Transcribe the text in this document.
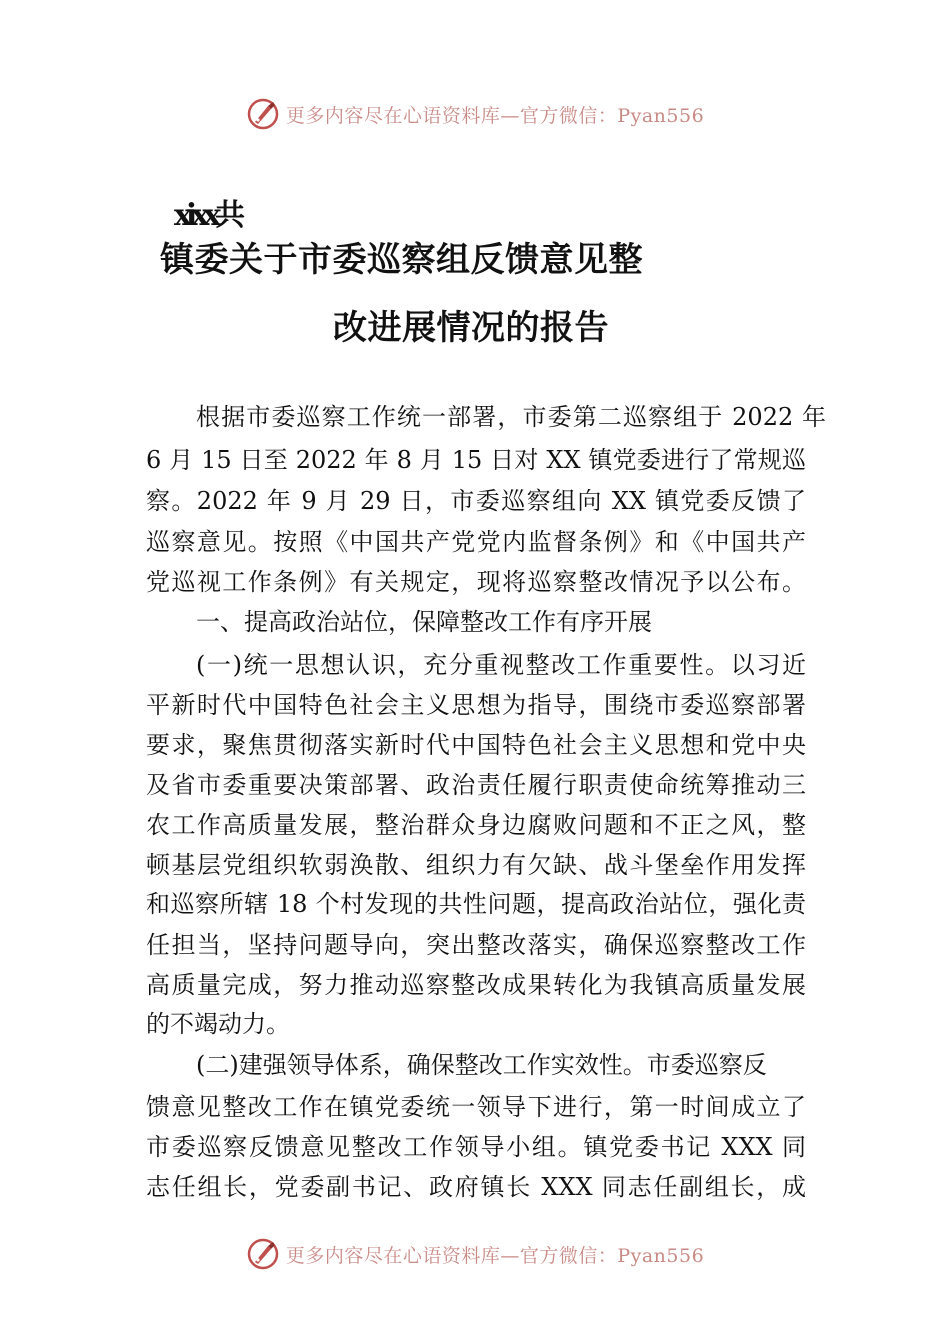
更多内容尽在心语资料库—官方微信：Pyan556
xixx共
镇委关于市委巡察组反馈意见整
改进展情况的报告
根据市委巡察工作统一部署，市委第二巡察组于 2022 年
6 月 15 日至 2022 年 8 月 15 日对 XX 镇党委进行了常规巡
察。2022 年 9 月 29 日，市委巡察组向 XX 镇党委反馈了
巡察意见。按照《中国共产党党内监督条例》和《中国共产
党巡视工作条例》有关规定，现将巡察整改情况予以公布。
一、提高政治站位，保障整改工作有序开展
(一)统一思想认识，充分重视整改工作重要性。以习近
平新时代中国特色社会主义思想为指导，围绕市委巡察部署
要求，聚焦贯彻落实新时代中国特色社会主义思想和党中央
及省市委重要决策部署、政治责任履行职责使命统筹推动三
农工作高质量发展，整治群众身边腐败问题和不正之风，整
顿基层党组织软弱涣散、组织力有欠缺、战斗堡垒作用发挥
和巡察所辖 18 个村发现的共性问题，提高政治站位，强化责
任担当，坚持问题导向，突出整改落实，确保巡察整改工作
高质量完成，努力推动巡察整改成果转化为我镇高质量发展
的不竭动力。
(二)建强领导体系，确保整改工作实效性。市委巡察反
馈意见整改工作在镇党委统一领导下进行，第一时间成立了
市委巡察反馈意见整改工作领导小组。镇党委书记 XXX 同
志任组长，党委副书记、政府镇长 XXX 同志任副组长，成
更多内容尽在心语资料库—官方微信：Pyan556
